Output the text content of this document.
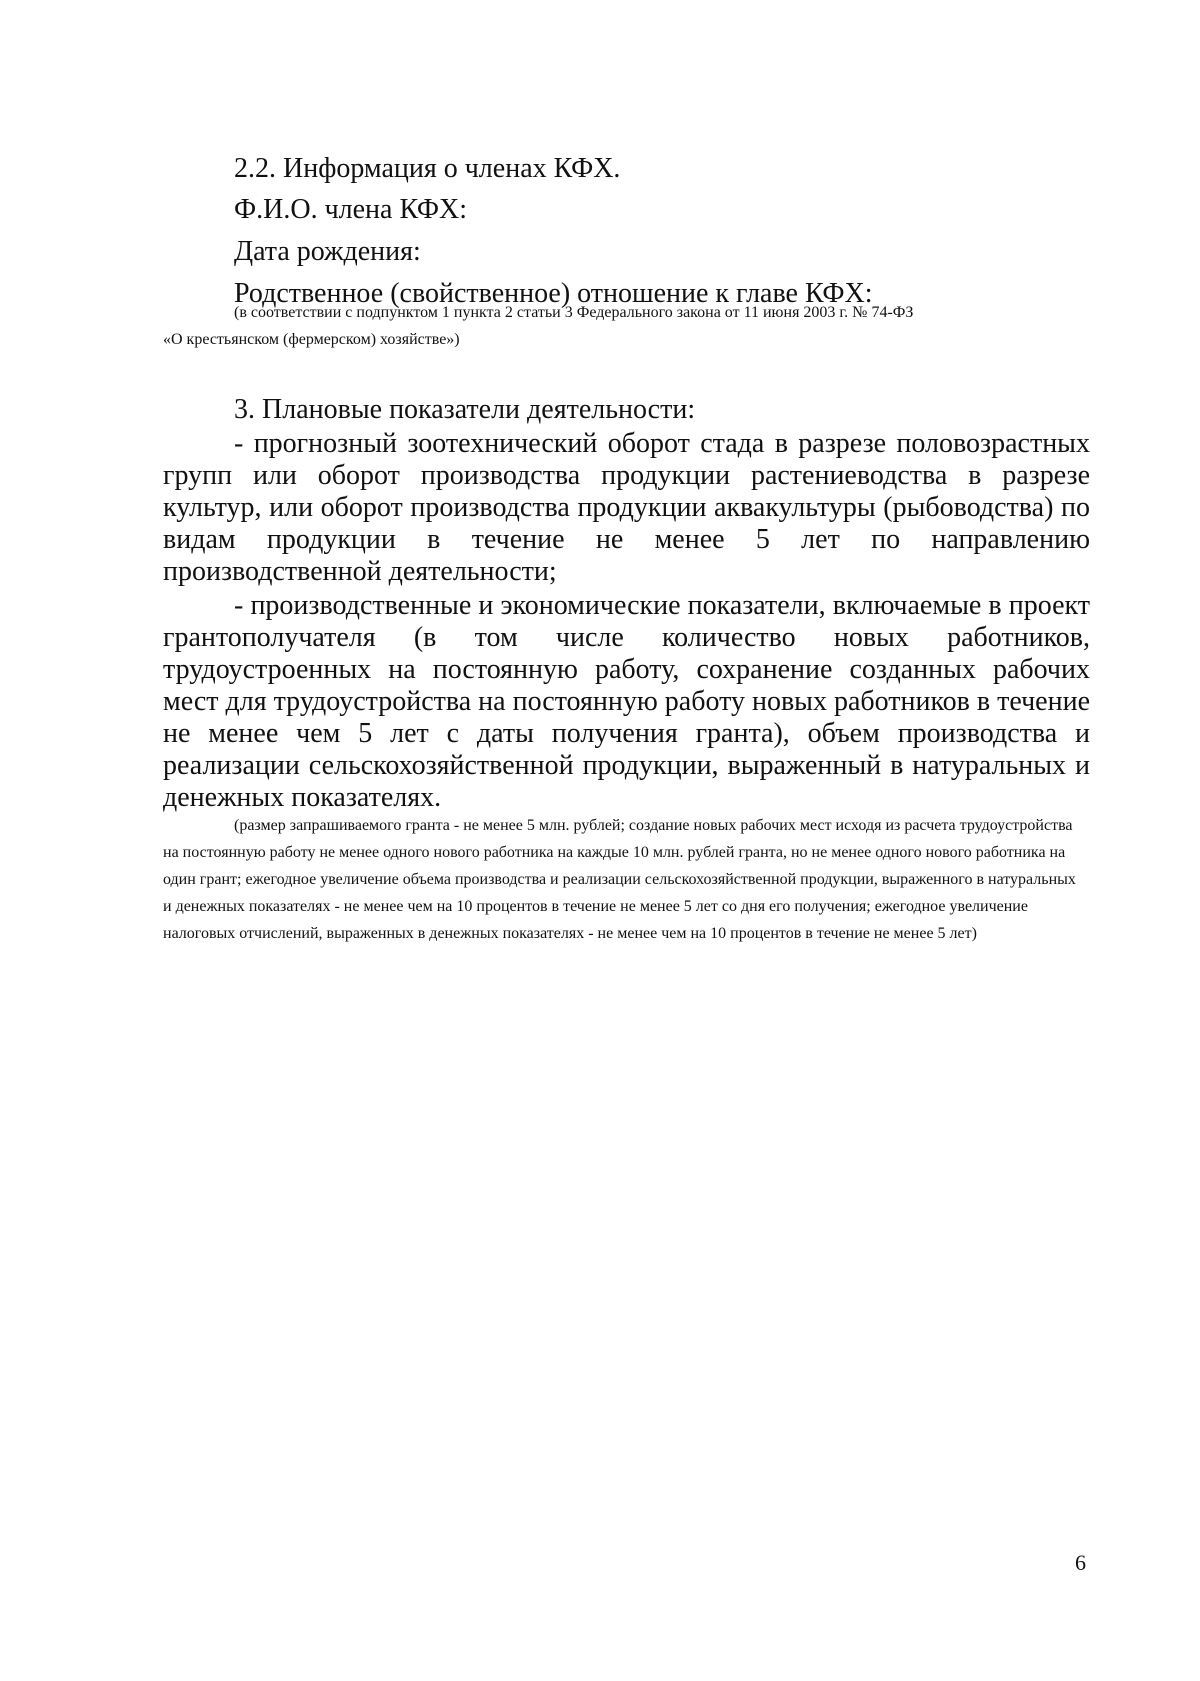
2.2. Информация о членах КФХ.

Ф.И.О. члена КФХ:

Дата рождения:

Родственное (свойственное) отношение к главе КФХ:

(в соответствии с подпунктом 1 пункта 2 статьи 3 Федерального закона от 11 июня 2003 г. № 74-ФЗ

«О крестьянском (фермерском) хозяйстве»)

3. Плановые показатели деятельности:

- прогнозный зоотехнический оборот стада в разрезе половозрастных групп или оборот производства продукции растениеводства в разрезе культур, или оборот производства продукции аквакультуры (рыбоводства) по видам продукции в течение не менее 5 лет по направлению производственной деятельности;

- производственные и экономические показатели, включаемые в проект грантополучателя (в том числе количество новых работников, трудоустроенных на постоянную работу, сохранение созданных рабочих мест для трудоустройства на постоянную работу новых работников в течение не менее чем 5 лет с даты получения гранта), объем производства и реализации сельскохозяйственной продукции, выраженный в натуральных и денежных показателях.

(размер запрашиваемого гранта - не менее 5 млн. рублей; создание новых рабочих мест исходя из расчета трудоустройства на постоянную работу не менее одного нового работника на каждые 10 млн. рублей гранта, но не менее одного нового работника на один грант; ежегодное увеличение объема производства и реализации сельскохозяйственной продукции, выраженного в натуральных и денежных показателях - не менее чем на 10 процентов в течение не менее 5 лет со дня его получения; ежегодное увеличение налоговых отчислений, выраженных в денежных показателях - не менее чем на 10 процентов в течение не менее 5 лет)

6
